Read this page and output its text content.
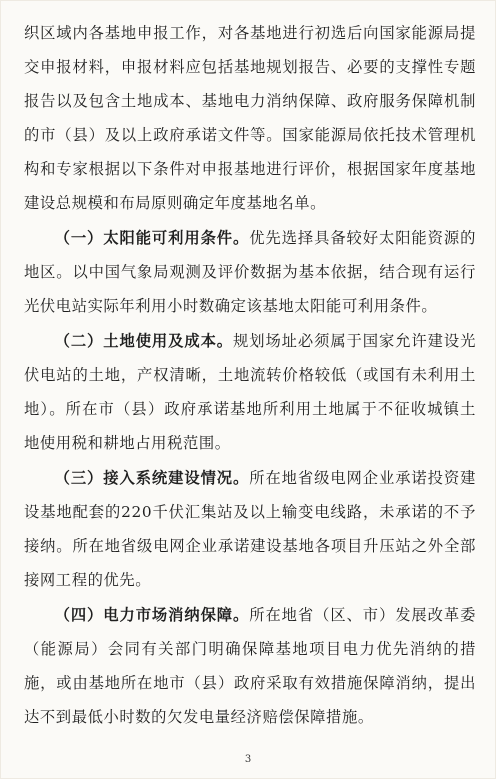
织区域内各基地申报工作，对各基地进行初选后向国家能源局提交申报材料，申报材料应包括基地规划报告、必要的支撑性专题报告以及包含土地成本、基地电力消纳保障、政府服务保障机制的市（县）及以上政府承诺文件等。国家能源局依托技术管理机构和专家根据以下条件对申报基地进行评价，根据国家年度基地建设总规模和布局原则确定年度基地名单。

（一）太阳能可利用条件。优先选择具备较好太阳能资源的地区。以中国气象局观测及评价数据为基本依据，结合现有运行光伏电站实际年利用小时数确定该基地太阳能可利用条件。

（二）土地使用及成本。规划场址必须属于国家允许建设光伏电站的土地，产权清晰，土地流转价格较低（或国有未利用土地）。所在市（县）政府承诺基地所利用土地属于不征收城镇土地使用税和耕地占用税范围。

（三）接入系统建设情况。所在地省级电网企业承诺投资建设基地配套的220千伏汇集站及以上输变电线路，未承诺的不予接纳。所在地省级电网企业承诺建设基地各项目升压站之外全部接网工程的优先。

（四）电力市场消纳保障。所在地省（区、市）发展改革委（能源局）会同有关部门明确保障基地项目电力优先消纳的措施，或由基地所在地市（县）政府采取有效措施保障消纳，提出达不到最低小时数的欠发电量经济赔偿保障措施。

3
